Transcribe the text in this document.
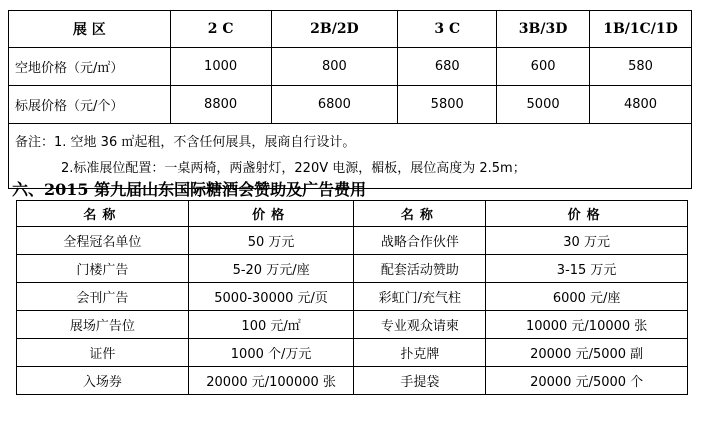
展 区	2 C	2B/2D	3 C	3B/3D	1B/1C/1D
空地价格（元/㎡）	1000	800	680	600	580
标展价格（元/个）	8800	6800	5800	5000	4800

备注：1. 空地 36 ㎡起租，不含任何展具，展商自行设计。
2.标准展位配置：一桌两椅，两盏射灯，220V 电源，楣板，展位高度为 2.5m；					
六、2015 第九届山东国际糖酒会赞助及广告费用
名称	价格	名称	价格
全程冠名单位	50 万元	战略合作伙伴	30 万元
门楼广告	5-20 万元/座	配套活动赞助	3-15 万元
会刊广告	5000-30000 元/页	彩虹门/充气柱	6000 元/座
展场广告位	100 元/㎡	专业观众请柬	10000 元/10000 张
证件	1000 个/万元	扑克牌	20000 元/5000 副
入场券	20000 元/100000 张	手提袋	20000 元/5000 个
